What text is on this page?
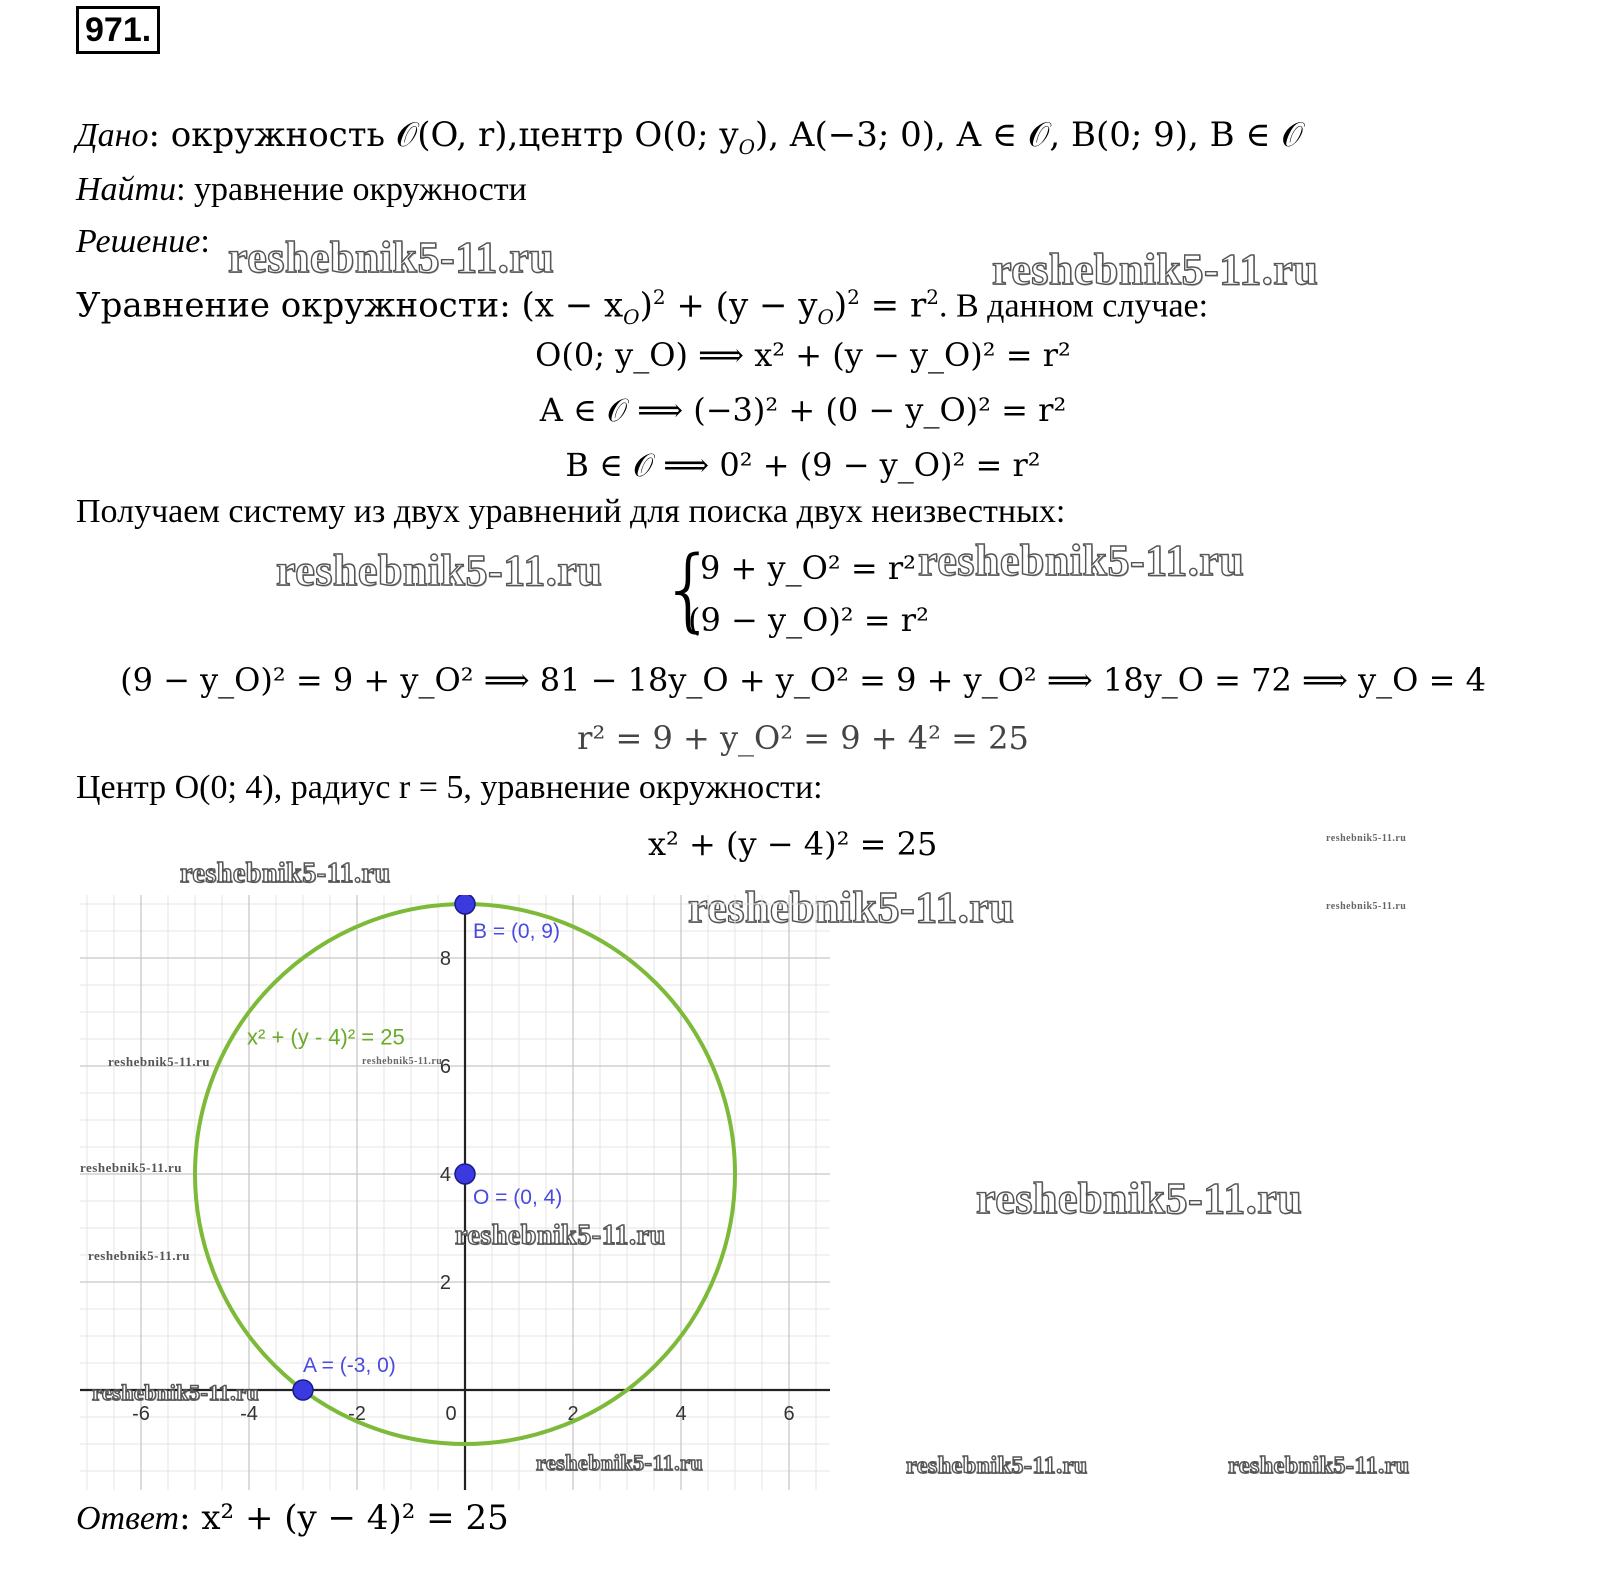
971.
Дано: окружность 𝒪(O, r),центр O(0; $y_O$), A(−3; 0), A ∈ 𝒪, B(0; 9), B ∈ 𝒪
Найти: уравнение окружности
Решение: reshebnik5-11.ru	reshebnik5-11.ru
Уравнение окружности: $(x - x_O)^2 + (y - y_O)^2 = r^2$. В данном случае:
O(0; y_O) ⟹ x² + (y − y_O)² = r²
A ∈ 𝒪 ⟹ (−3)² + (0 − y_O)² = r²
B ∈ 𝒪 ⟹ 0² + (9 − y_O)² = r²
Получаем систему из двух уравнений для поиска двух неизвестных:
reshebnik5-11.ru {
9 + y_O² = r²
(9 − y_O)² = r²
reshebnik5-11.ru
(9 − y_O)² = 9 + y_O² ⟹ 81 − 18y_O + y_O² = 9 + y_O² ⟹ 18y_O = 72 ⟹ y_O = 4
r² = 9 + y_O² = 9 + 4² = 25
Центр O(0; 4), радиус r = 5, уравнение окружности:
x² + (y − 4)² = 25
reshebnik5-11.ru
reshebnik5-11.ru
reshebnik5-11.ru
reshebnik5-11.ru
reshebnik5-11.ru
reshebnik5-11.ru	reshebnik5-11.ru
-6	-4	-2	0	2	4	6
2
4
6
8
x² + (y - 4)² = 25
A = (-3, 0)
B = (0, 9)
O = (0, 4)
reshebnik5-11.ru	reshebnik5-11.ru
reshebnik5-11.ru
reshebnik5-11.ru
reshebnik5-11.ru
reshebnik5-11.ru
reshebnik5-11.ru
Ответ: x² + (y − 4)² = 25
